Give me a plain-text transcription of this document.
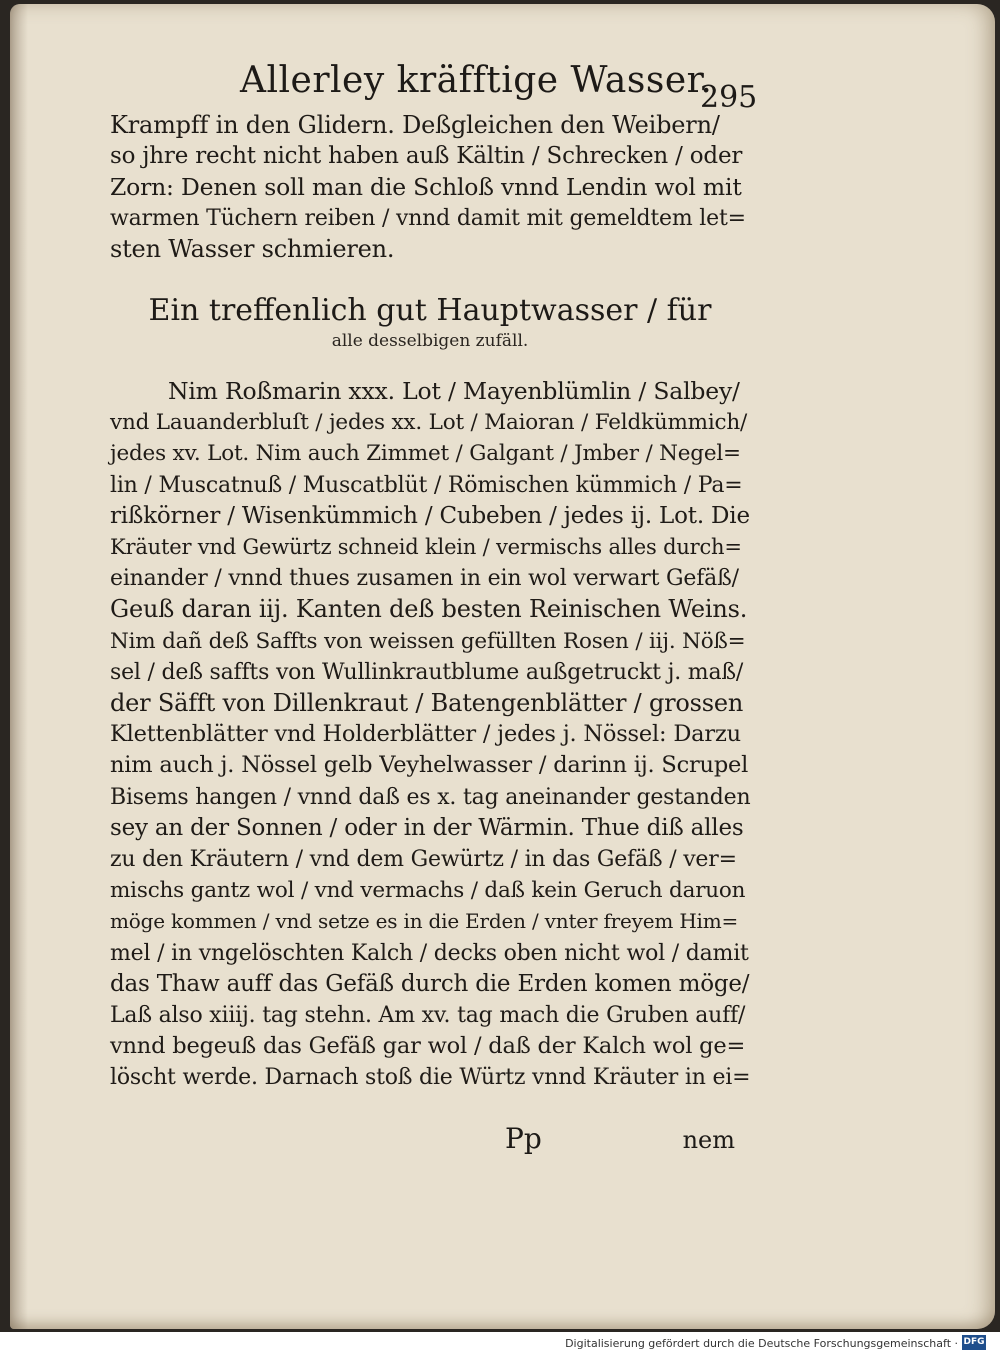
Allerley kräfftige Wasser.
295
Krampff in den Glidern. Deßgleichen den Weibern/
so jhre recht nicht haben auß Kältin / Schrecken / oder
Zorn: Denen soll man die Schloß vnnd Lendin wol mit
warmen Tüchern reiben / vnnd damit mit gemeldtem let=
sten Wasser schmieren.
Ein treffenlich gut Hauptwasser / für
alle desselbigen zufäll.
Nim Roßmarin xxx. Lot / Mayenblümlin / Salbey/
vnd Lauanderbluſt / jedes xx. Lot / Maioran / Feldkümmich/
jedes xv. Lot. Nim auch Zimmet / Galgant / Jmber / Negel=
lin / Muscatnuß / Muscatblüt / Römischen kümmich / Pa=
rißkörner / Wisenkümmich / Cubeben / jedes ij. Lot. Die
Kräuter vnd Gewürtz schneid klein / vermischs alles durch=
einander / vnnd thues zusamen in ein wol verwart Gefäß/
Geuß daran iij. Kanten deß besten Reinischen Weins.
Nim dañ deß Saffts von weissen gefüllten Rosen / iij. Nöß=
sel / deß saffts von Wullinkrautblume außgetruckt j. maß/
der Säfft von Dillenkraut / Batengenblätter / grossen
Klettenblätter vnd Holderblätter / jedes j. Nössel: Darzu
nim auch j. Nössel gelb Veyhelwasser / darinn ij. Scrupel
Bisems hangen / vnnd daß es x. tag aneinander gestanden
sey an der Sonnen / oder in der Wärmin. Thue diß alles
zu den Kräutern / vnd dem Gewürtz / in das Gefäß / ver=
mischs gantz wol / vnd vermachs / daß kein Geruch daruon
möge kommen / vnd setze es in die Erden / vnter freyem Him=
mel / in vngelöschten Kalch / decks oben nicht wol / damit
das Thaw auff das Gefäß durch die Erden komen möge/
Laß also xiiij. tag stehn. Am xv. tag mach die Gruben auff/
vnnd begeuß das Gefäß gar wol / daß der Kalch wol ge=
löscht werde. Darnach stoß die Würtz vnnd Kräuter in ei=
Pp	nem
Digitalisierung gefördert durch die Deutsche Forschungsgemeinschaft · DFG
